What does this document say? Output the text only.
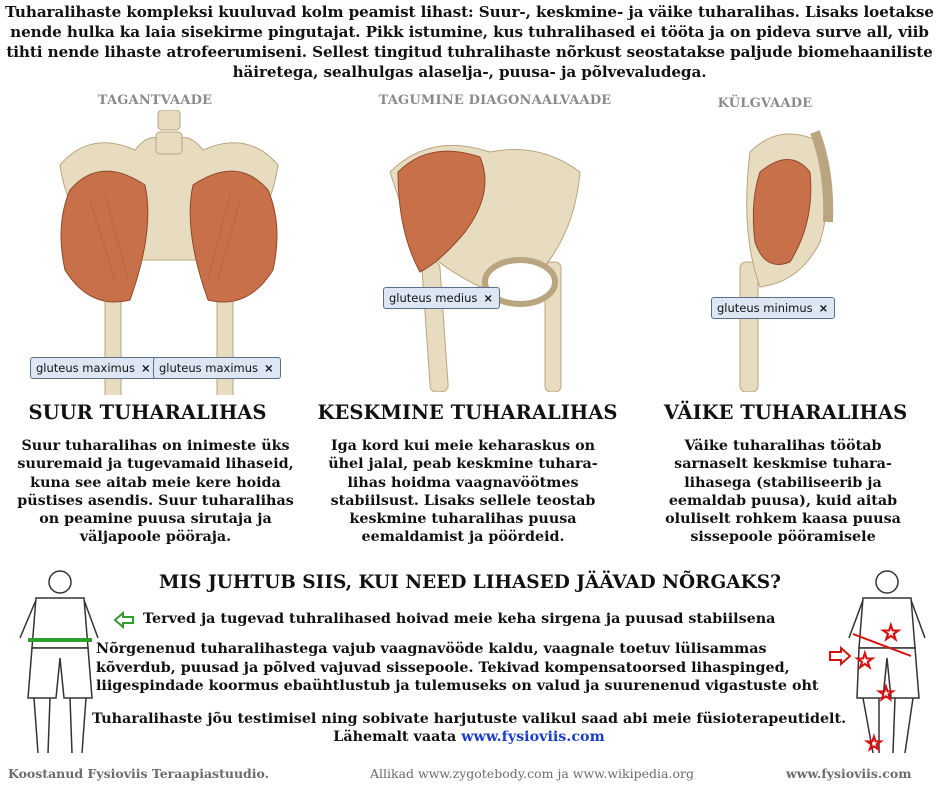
Tuharalihaste kompleksi kuuluvad kolm peamist lihast: Suur-, keskmine- ja väike tuharalihas. Lisaks loetakse nende hulka ka laia sisekirme pingutajat. Pikk istumine, kus tuhralihased ei tööta ja on pideva surve all, viib tihti nende lihaste atrofeerumiseni. Sellest tingitud tuhralihaste nõrkust seostatakse paljude biomehaaniliste häiretega, sealhulgas alaselja-, puusa- ja põlvevaludega.
TAGANTVAADE	TAGUMINE DIAGONAALVAADE	KÜLGVAADE
gluteus maximus × gluteus maximus ×
gluteus medius ×
gluteus minimus ×
SUUR TUHARALIHAS	KESKMINE TUHARALIHAS	VÄIKE TUHARALIHAS
Suur tuharalihas on inimeste üks suuremaid ja tugevamaid lihaseid, kuna see aitab meie kere hoida püstises asendis. Suur tuharalihas on peamine puusa sirutaja ja väljapoole pööraja.
Iga kord kui meie keharaskus on ühel jalal, peab keskmine tuhara-lihas hoidma vaagnavöötmes stabiilsust. Lisaks sellele teostab keskmine tuharalihas puusa eemaldamist ja pöördeid.
Väike tuharalihas töötab sarnaselt keskmise tuhara-lihasega (stabiliseerib ja eemaldab puusa), kuid aitab oluliselt rohkem kaasa puusa sissepoole pööramisele
☆
☆
☆
☆
MIS JUHTUB SIIS, KUI NEED LIHASED JÄÄVAD NÕRGAKS?
Terved ja tugevad tuhralihased hoivad meie keha sirgena ja puusad stabiilsena
Nõrgenenud tuharalihastega vajub vaagnavööde kaldu, vaagnale toetuv lülisammas kõverdub, puusad ja põlved vajuvad sissepoole. Tekivad kompensatoorsed lihaspinged, liigespindade koormus ebaühtlustub ja tulemuseks on valud ja suurenenud vigastuste oht
Tuharalihaste jõu testimisel ning sobivate harjutuste valikul saad abi meie füsioterapeutidelt.
Lähemalt vaata www.fysioviis.com
Koostanud Fysioviis Teraapiastuudio.	Allikad www.zygotebody.com ja www.wikipedia.org	www.fysioviis.com
